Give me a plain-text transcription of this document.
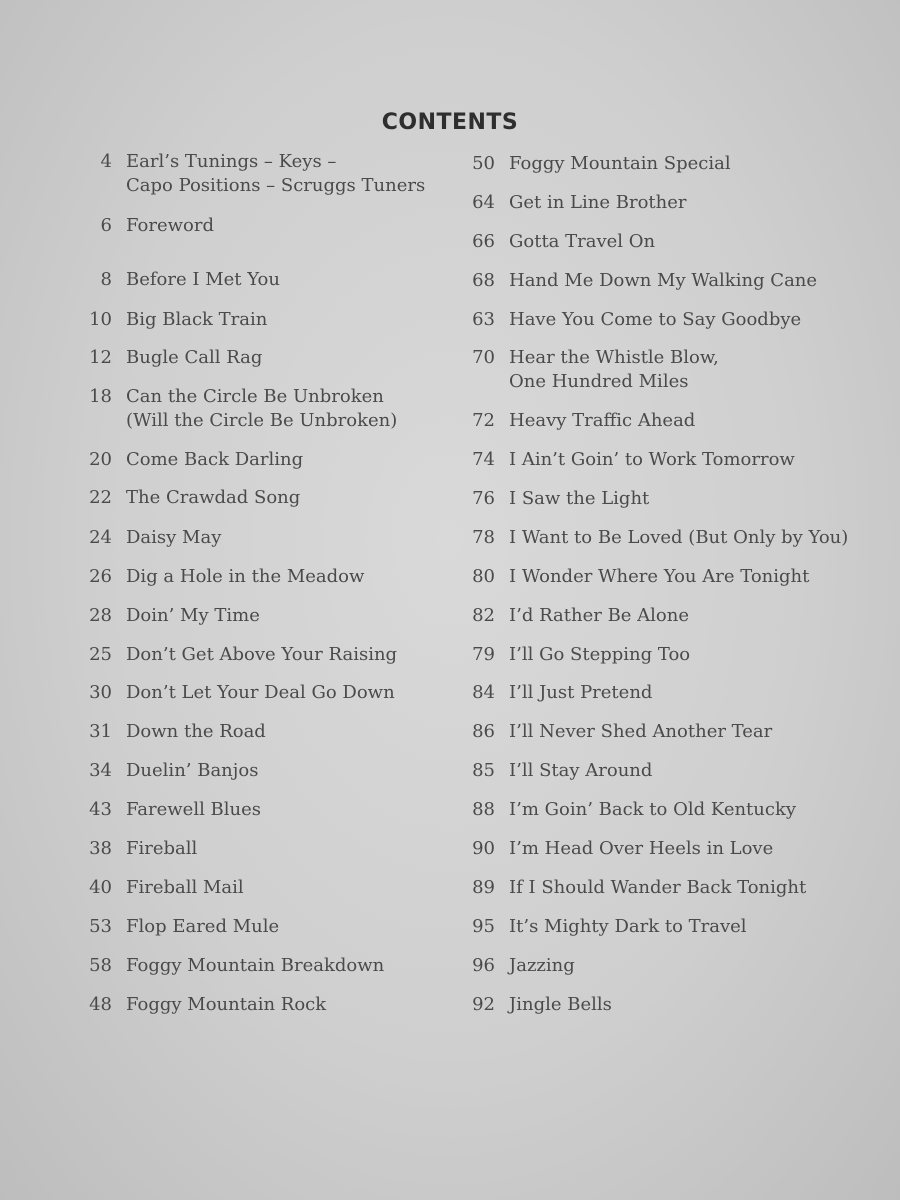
CONTENTS
4 Earl’s Tunings – Keys –
Capo Positions – Scruggs Tuners
6 Foreword
8 Before I Met You
10 Big Black Train
12 Bugle Call Rag
18 Can the Circle Be Unbroken
(Will the Circle Be Unbroken)
20 Come Back Darling
22 The Crawdad Song
24 Daisy May
26 Dig a Hole in the Meadow
28 Doin’ My Time
25 Don’t Get Above Your Raising
30 Don’t Let Your Deal Go Down
31 Down the Road
34 Duelin’ Banjos
43 Farewell Blues
38 Fireball
40 Fireball Mail
53 Flop Eared Mule
58 Foggy Mountain Breakdown
48 Foggy Mountain Rock
50 Foggy Mountain Special
64 Get in Line Brother
66 Gotta Travel On
68 Hand Me Down My Walking Cane
63 Have You Come to Say Goodbye
70 Hear the Whistle Blow,
One Hundred Miles
72 Heavy Traffic Ahead
74 I Ain’t Goin’ to Work Tomorrow
76 I Saw the Light
78 I Want to Be Loved (But Only by You)
80 I Wonder Where You Are Tonight
82 I’d Rather Be Alone
79 I’ll Go Stepping Too
84 I’ll Just Pretend
86 I’ll Never Shed Another Tear
85 I’ll Stay Around
88 I’m Goin’ Back to Old Kentucky
90 I’m Head Over Heels in Love
89 If I Should Wander Back Tonight
95 It’s Mighty Dark to Travel
96 Jazzing
92 Jingle Bells
